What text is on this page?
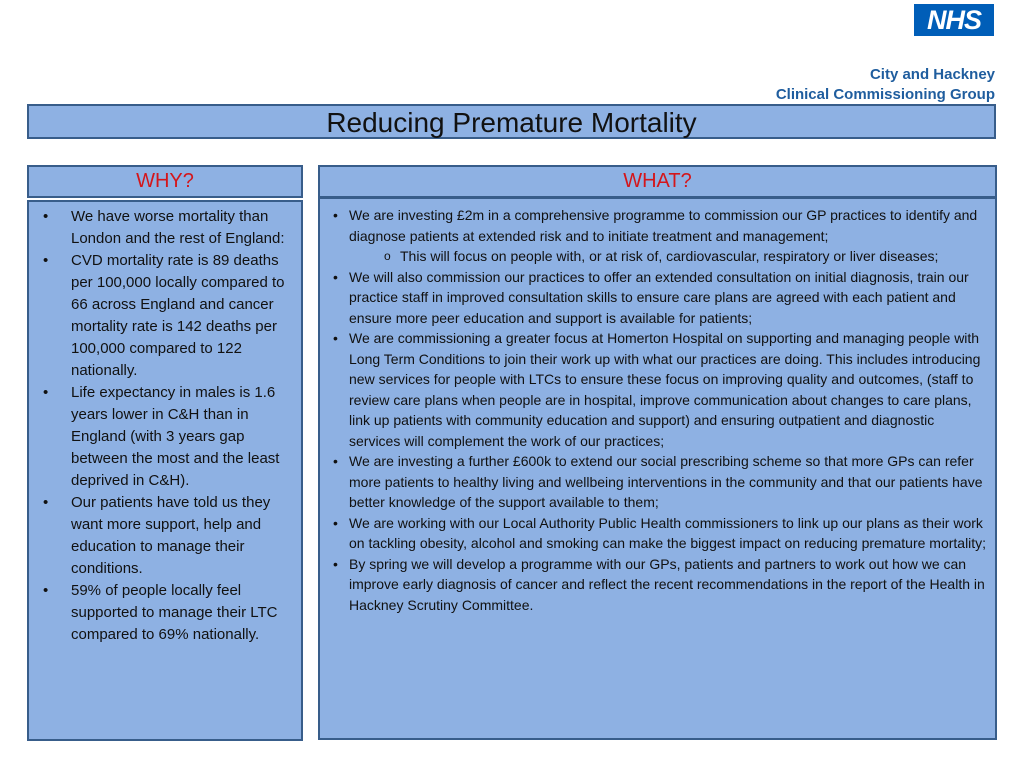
NHS
City and Hackney
Clinical Commissioning Group
Reducing Premature Mortality
WHY?	WHAT?
• We have worse mortality than London and the rest of England:
• CVD mortality rate is 89 deaths per 100,000 locally compared to 66 across England and cancer mortality rate is 142 deaths per 100,000 compared to 122 nationally.
• Life expectancy in males is 1.6 years lower in C&H than in England (with 3 years gap between the most and the least deprived in C&H).
• Our patients have told us they want more support, help and education to manage their conditions.
• 59% of people locally feel supported to manage their LTC compared to 69% nationally.
• We are investing £2m in a comprehensive programme to commission our GP practices to identify and diagnose patients at extended risk and to initiate treatment and management;
o This will focus on people with, or at risk of, cardiovascular, respiratory or liver diseases;
• We will also commission our practices to offer an extended consultation on initial diagnosis, train our practice staff in improved consultation skills to ensure care plans are agreed with each patient and ensure more peer education and support is available for patients;
• We are commissioning a greater focus at Homerton Hospital on supporting and managing people with Long Term Conditions to join their work up with what our practices are doing. This includes introducing new services for people with LTCs to ensure these focus on improving quality and outcomes, (staff to review care plans when people are in hospital, improve communication about changes to care plans, link up patients with community education and support) and ensuring outpatient and diagnostic services will complement the work of our practices;
• We are investing a further £600k to extend our social prescribing scheme so that more GPs can refer more patients to healthy living and wellbeing interventions in the community and that our patients have better knowledge of the support available to them;
• We are working with our Local Authority Public Health commissioners to link up our plans as their work on tackling obesity, alcohol and smoking can make the biggest impact on reducing premature mortality;
• By spring we will develop a programme with our GPs, patients and partners to work out how we can improve early diagnosis of cancer and reflect the recent recommendations in the report of the Health in Hackney Scrutiny Committee.
